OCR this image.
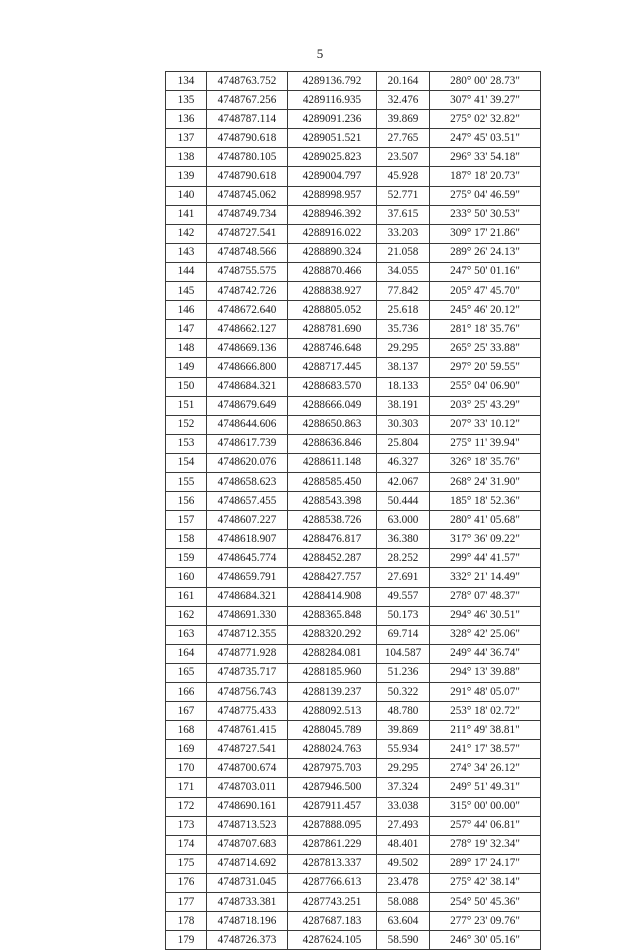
5
134	4748763.752	4289136.792	20.164	280° 00' 28.73"
135	4748767.256	4289116.935	32.476	307° 41' 39.27"
136	4748787.114	4289091.236	39.869	275° 02' 32.82"
137	4748790.618	4289051.521	27.765	247° 45' 03.51"
138	4748780.105	4289025.823	23.507	296° 33' 54.18"
139	4748790.618	4289004.797	45.928	187° 18' 20.73"
140	4748745.062	4288998.957	52.771	275° 04' 46.59"
141	4748749.734	4288946.392	37.615	233° 50' 30.53"
142	4748727.541	4288916.022	33.203	309° 17' 21.86"
143	4748748.566	4288890.324	21.058	289° 26' 24.13"
144	4748755.575	4288870.466	34.055	247° 50' 01.16"
145	4748742.726	4288838.927	77.842	205° 47' 45.70"
146	4748672.640	4288805.052	25.618	245° 46' 20.12"
147	4748662.127	4288781.690	35.736	281° 18' 35.76"
148	4748669.136	4288746.648	29.295	265° 25' 33.88"
149	4748666.800	4288717.445	38.137	297° 20' 59.55"
150	4748684.321	4288683.570	18.133	255° 04' 06.90"
151	4748679.649	4288666.049	38.191	203° 25' 43.29"
152	4748644.606	4288650.863	30.303	207° 33' 10.12"
153	4748617.739	4288636.846	25.804	275° 11' 39.94"
154	4748620.076	4288611.148	46.327	326° 18' 35.76"
155	4748658.623	4288585.450	42.067	268° 24' 31.90"
156	4748657.455	4288543.398	50.444	185° 18' 52.36"
157	4748607.227	4288538.726	63.000	280° 41' 05.68"
158	4748618.907	4288476.817	36.380	317° 36' 09.22"
159	4748645.774	4288452.287	28.252	299° 44' 41.57"
160	4748659.791	4288427.757	27.691	332° 21' 14.49"
161	4748684.321	4288414.908	49.557	278° 07' 48.37"
162	4748691.330	4288365.848	50.173	294° 46' 30.51"
163	4748712.355	4288320.292	69.714	328° 42' 25.06"
164	4748771.928	4288284.081	104.587	249° 44' 36.74"
165	4748735.717	4288185.960	51.236	294° 13' 39.88"
166	4748756.743	4288139.237	50.322	291° 48' 05.07"
167	4748775.433	4288092.513	48.780	253° 18' 02.72"
168	4748761.415	4288045.789	39.869	211° 49' 38.81"
169	4748727.541	4288024.763	55.934	241° 17' 38.57"
170	4748700.674	4287975.703	29.295	274° 34' 26.12"
171	4748703.011	4287946.500	37.324	249° 51' 49.31"
172	4748690.161	4287911.457	33.038	315° 00' 00.00"
173	4748713.523	4287888.095	27.493	257° 44' 06.81"
174	4748707.683	4287861.229	48.401	278° 19' 32.34"
175	4748714.692	4287813.337	49.502	289° 17' 24.17"
176	4748731.045	4287766.613	23.478	275° 42' 38.14"
177	4748733.381	4287743.251	58.088	254° 50' 45.36"
178	4748718.196	4287687.183	63.604	277° 23' 09.76"
179	4748726.373	4287624.105	58.590	246° 30' 05.16"
